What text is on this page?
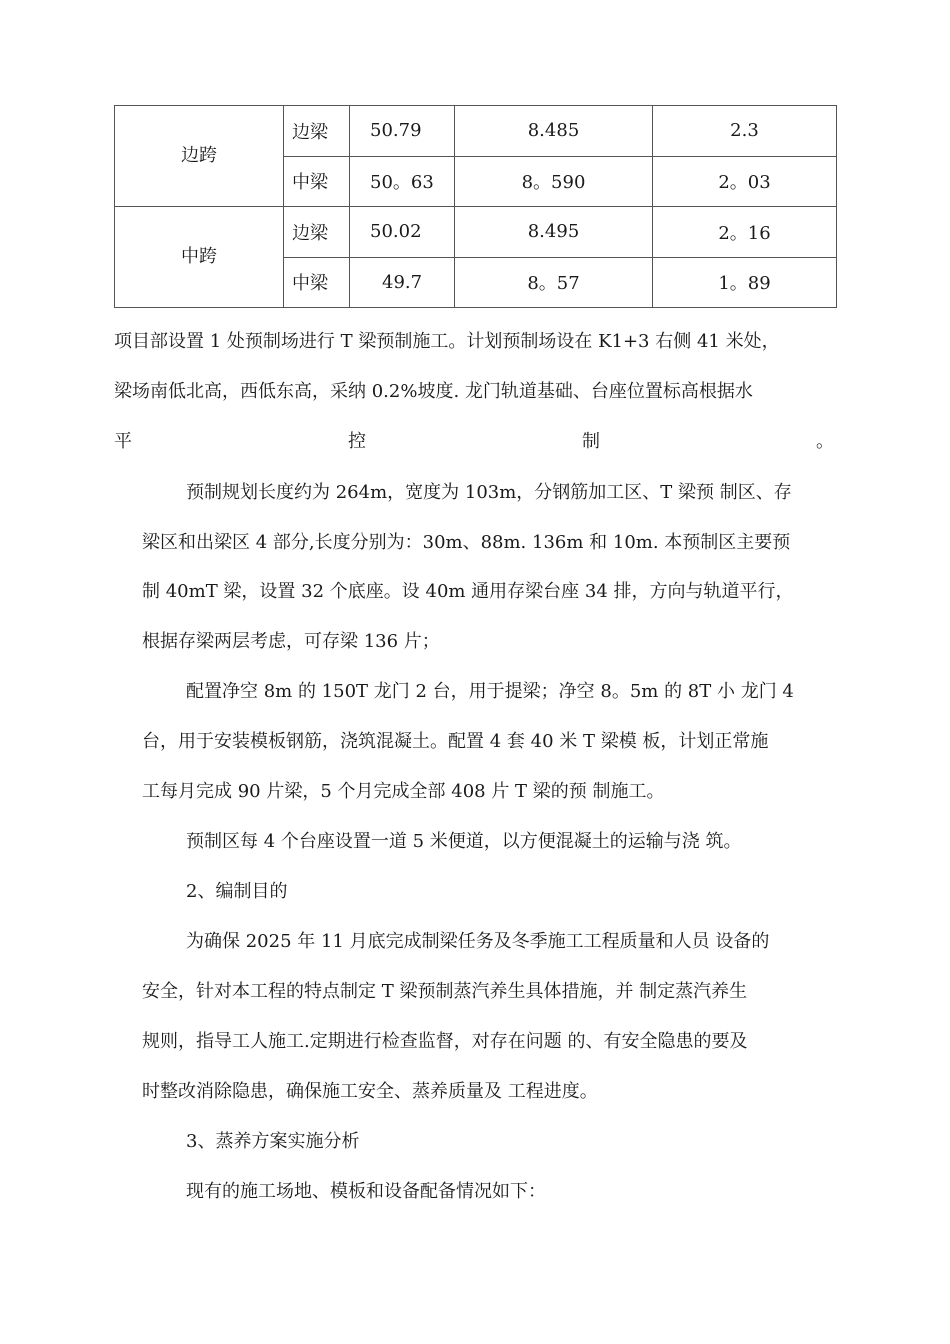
边跨	边梁	50.79	8.485	2.3
	中梁	50。63	8。590	2。03
中跨	边梁	50.02	8.495	2。16
	中梁	49.7	8。57	1。89
项目部设置 1 处预制场进行 T 梁预制施工。计划预制场设在 K1+3 右侧 41 米处，
梁场南低北高，西低东高，采纳 0.2%坡度. 龙门轨道基础、台座位置标高根据水
平	控	制	。
预制规划长度约为 264m，宽度为 103m，分钢筋加工区、T 梁预 制区、存
梁区和出梁区 4 部分,长度分别为：30m、88m. 136m 和 10m. 本预制区主要预
制 40mT 梁，设置 32 个底座。设 40m 通用存梁台座 34 排，方向与轨道平行，
根据存梁两层考虑，可存梁 136 片；
配置净空 8m 的 150T 龙门 2 台，用于提梁；净空 8。5m 的 8T 小 龙门 4
台，用于安装模板钢筋，浇筑混凝土。配置 4 套 40 米 T 梁模 板，计划正常施
工每月完成 90 片梁，5 个月完成全部 408 片 T 梁的预 制施工。
预制区每 4 个台座设置一道 5 米便道，以方便混凝土的运输与浇 筑。
2、编制目的
为确保 2025 年 11 月底完成制梁任务及冬季施工工程质量和人员 设备的
安全，针对本工程的特点制定 T 梁预制蒸汽养生具体措施，并 制定蒸汽养生
规则，指导工人施工.定期进行检查监督，对存在问题 的、有安全隐患的要及
时整改消除隐患，确保施工安全、蒸养质量及 工程进度。
3、蒸养方案实施分析
现有的施工场地、模板和设备配备情况如下：
